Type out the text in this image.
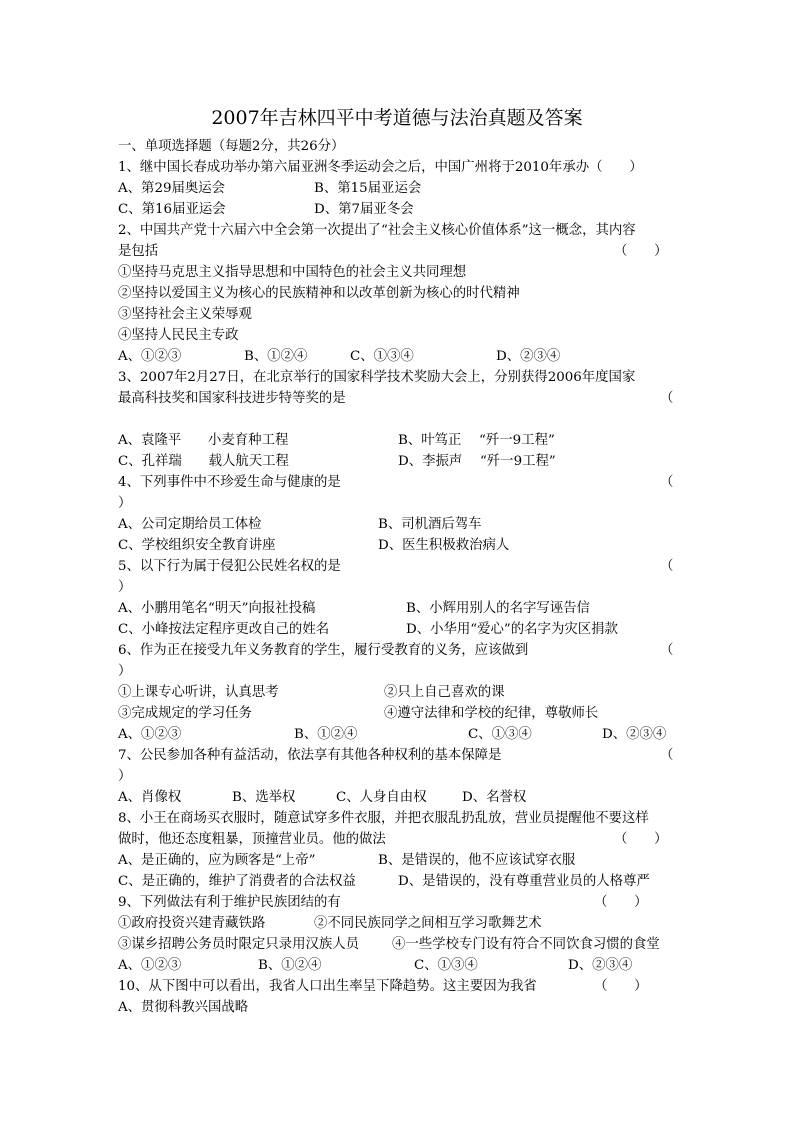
2007年吉林四平中考道德与法治真题及答案
一、单项选择题（每题2分，共26分）
1、继中国长春成功举办第六届亚洲冬季运动会之后，中国广州将于2010年承办（　　）
A、第29届奥运会	B、第15届亚运会
C、第16届亚运会	D、第7届亚冬会
2、中国共产党十六届六中全会第一次提出了“社会主义核心价值体系”这一概念，其内容
是包括	（　　）
①坚持马克思主义指导思想和中国特色的社会主义共同理想
②坚持以爱国主义为核心的民族精神和以改革创新为核心的时代精神
③坚持社会主义荣辱观
④坚持人民民主专政
A、①②③	B、①②④	C、①③④	D、②③④
3、2007年2月27日，在北京举行的国家科学技术奖励大会上，分别获得2006年度国家
最高科技奖和国家科技进步特等奖的是	（
A、袁隆平　　小麦育种工程	B、叶笃正　 “歼一9工程”
C、孔祥瑞　　载人航天工程	D、李振声　 “歼一9工程”
4、下列事件中不珍爱生命与健康的是	（
）
A、公司定期给员工体检	B、司机酒后驾车
C、学校组织安全教育讲座	D、医生积极救治病人
5、以下行为属于侵犯公民姓名权的是	（
）
A、小鹏用笔名“明天”向报社投稿	B、小辉用别人的名字写诬告信
C、小峰按法定程序更改自己的姓名	D、小华用“爱心”的名字为灾区捐款
6、作为正在接受九年义务教育的学生，履行受教育的义务，应该做到	（
）
①上课专心听讲，认真思考	②只上自己喜欢的课
③完成规定的学习任务	④遵守法律和学校的纪律，尊敬师长
A、①②③	B、①②④	C、①③④	D、②③④
7、公民参加各种有益活动，依法享有其他各种权利的基本保障是	（
）
A、肖像权	B、选举权	C、人身自由权	D、名誉权
8、小王在商场买衣服时，随意试穿多件衣服，并把衣服乱扔乱放，营业员提醒他不要这样
做时，他还态度粗暴，顶撞营业员。他的做法	（　　）
A、是正确的，应为顾客是“上帝”	B、是错误的，他不应该试穿衣服
C、是正确的，维护了消费者的合法权益	D、是错误的，没有尊重营业员的人格尊严
9、下列做法有利于维护民族团结的有	（　　）
①政府投资兴建青藏铁路	②不同民族同学之间相互学习歌舞艺术
③谋乡招聘公务员时限定只录用汉族人员 ④一些学校专门设有符合不同饮食习惯的食堂
A、①②③	B、①②④	C、①③④	D、②③④
10、从下图中可以看出，我省人口出生率呈下降趋势。这主要因为我省	（　　）
A、贯彻科教兴国战略
